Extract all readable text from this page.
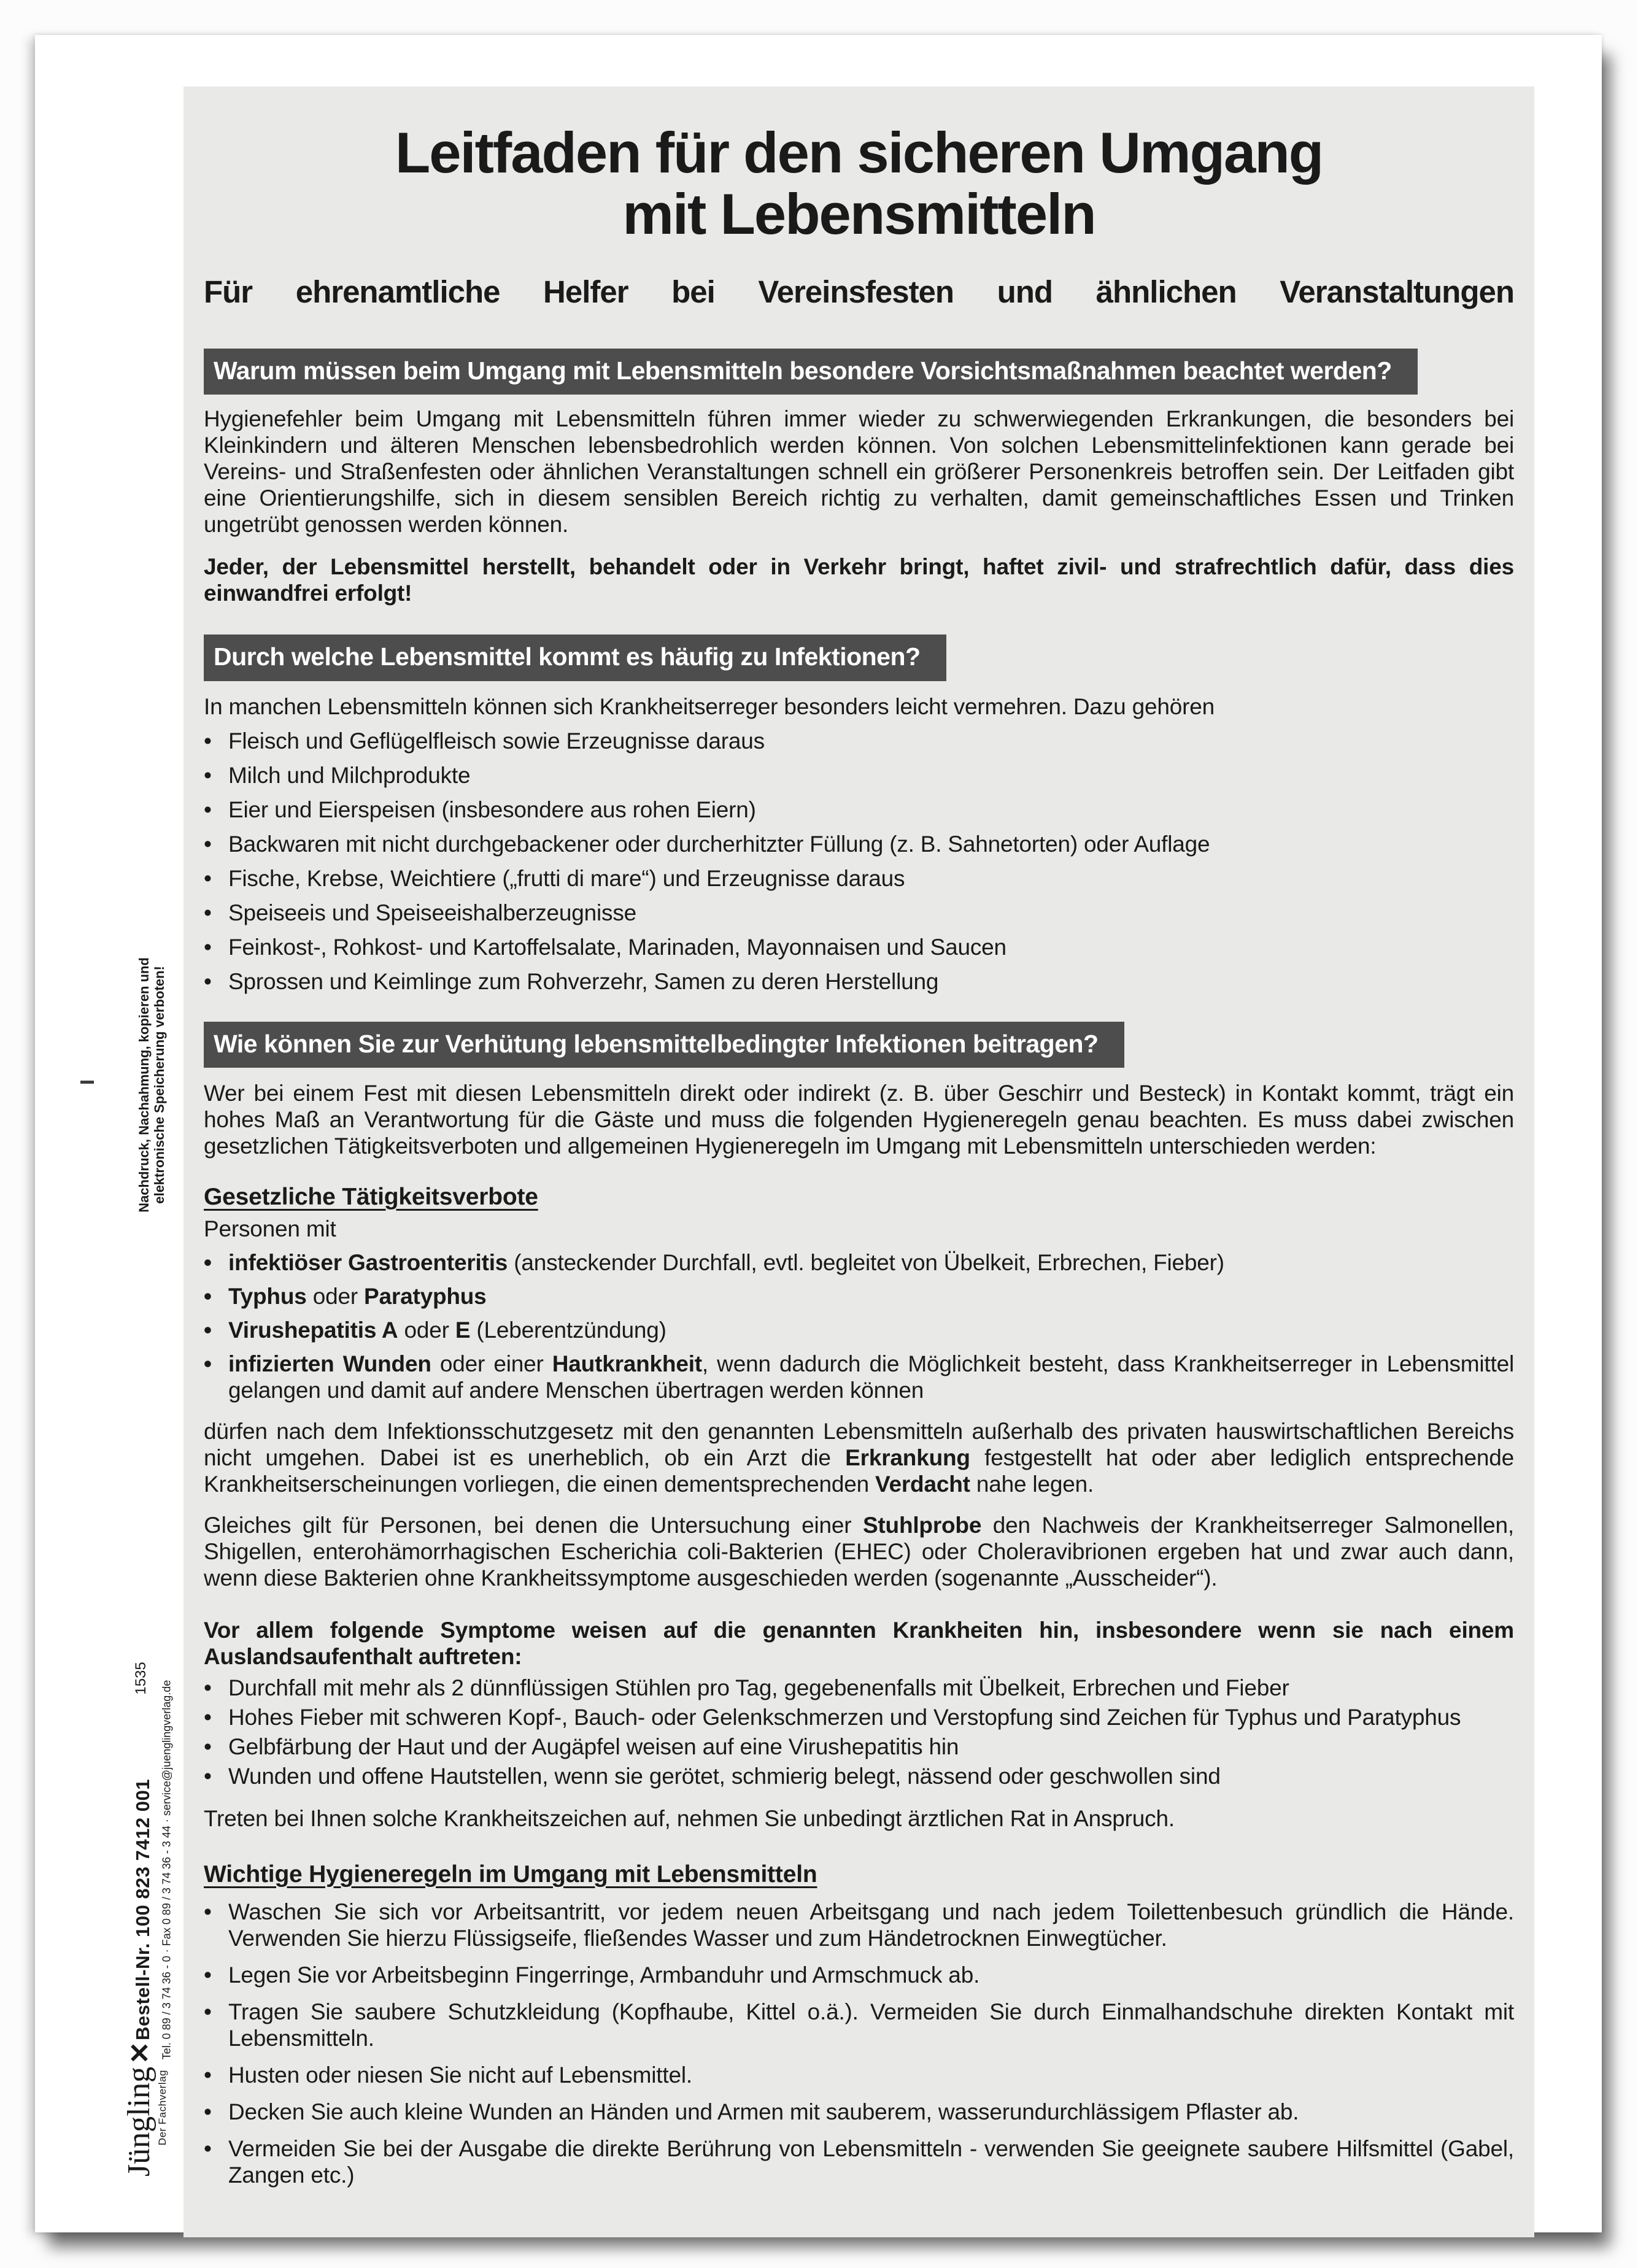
Nachdruck, Nachahmung, kopieren und elektronische Speicherung verboten!
1535
Bestell-Nr. 100 823 7412 001 Tel. 0 89 / 3 74 36 - 0 · Fax 0 89 / 3 74 36 - 3 44 · service@juenglingverlag.de
Jüngling✕
Der Fachverlag
Leitfaden für den sicheren Umgang
mit Lebensmitteln
Für ehrenamtliche Helfer bei Vereinsfesten und ähnlichen Veranstaltungen
Warum müssen beim Umgang mit Lebensmitteln besondere Vorsichtsmaßnahmen beachtet werden?

Hygienefehler beim Umgang mit Lebensmitteln führen immer wieder zu schwerwiegenden Erkrankungen, die besonders bei Kleinkindern und älteren Menschen lebensbedrohlich werden können. Von solchen Lebensmittelinfektionen kann gerade bei Vereins- und Straßenfesten oder ähnlichen Veranstaltungen schnell ein größerer Personenkreis betroffen sein. Der Leitfaden gibt eine Orientierungshilfe, sich in diesem sensiblen Bereich richtig zu verhalten, damit gemeinschaftliches Essen und Trinken ungetrübt genossen werden können.

Jeder, der Lebensmittel herstellt, behandelt oder in Verkehr bringt, haftet zivil- und strafrechtlich dafür, dass dies einwandfrei erfolgt!

Durch welche Lebensmittel kommt es häufig zu Infektionen?

In manchen Lebensmitteln können sich Krankheitserreger besonders leicht vermehren. Dazu gehören

• Fleisch und Geflügelfleisch sowie Erzeugnisse daraus
• Milch und Milchprodukte
• Eier und Eierspeisen (insbesondere aus rohen Eiern)
• Backwaren mit nicht durchgebackener oder durcherhitzter Füllung (z. B. Sahnetorten) oder Auflage
• Fische, Krebse, Weichtiere („frutti di mare“) und Erzeugnisse daraus
• Speiseeis und Speiseeishalberzeugnisse
• Feinkost-, Rohkost- und Kartoffelsalate, Marinaden, Mayonnaisen und Saucen
• Sprossen und Keimlinge zum Rohverzehr, Samen zu deren Herstellung
Wie können Sie zur Verhütung lebensmittelbedingter Infektionen beitragen?

Wer bei einem Fest mit diesen Lebensmitteln direkt oder indirekt (z. B. über Geschirr und Besteck) in Kontakt kommt, trägt ein hohes Maß an Verantwortung für die Gäste und muss die folgenden Hygieneregeln genau beachten. Es muss dabei zwischen gesetzlichen Tätigkeitsverboten und allgemeinen Hygieneregeln im Umgang mit Lebensmitteln unterschieden werden:

Gesetzliche Tätigkeitsverbote

Personen mit

• infektiöser Gastroenteritis (ansteckender Durchfall, evtl. begleitet von Übelkeit, Erbrechen, Fieber)
• Typhus oder Paratyphus
• Virushepatitis A oder E (Leberentzündung)
• infizierten Wunden oder einer Hautkrankheit, wenn dadurch die Möglichkeit besteht, dass Krankheitserreger in Lebensmittel gelangen und damit auf andere Menschen übertragen werden können

dürfen nach dem Infektionsschutzgesetz mit den genannten Lebensmitteln außerhalb des privaten hauswirtschaftlichen Bereichs nicht umgehen. Dabei ist es unerheblich, ob ein Arzt die Erkrankung festgestellt hat oder aber lediglich entsprechende Krankheitserscheinungen vorliegen, die einen dementsprechenden Verdacht nahe legen.

Gleiches gilt für Personen, bei denen die Untersuchung einer Stuhlprobe den Nachweis der Krankheitserreger Salmonellen, Shigellen, enterohämorrhagischen Escherichia coli-Bakterien (EHEC) oder Choleravibrionen ergeben hat und zwar auch dann, wenn diese Bakterien ohne Krankheitssymptome ausgeschieden werden (sogenannte „Ausscheider“).

Vor allem folgende Symptome weisen auf die genannten Krankheiten hin, insbesondere wenn sie nach einem Auslandsaufenthalt auftreten:

• Durchfall mit mehr als 2 dünnflüssigen Stühlen pro Tag, gegebenenfalls mit Übelkeit, Erbrechen und Fieber
• Hohes Fieber mit schweren Kopf-, Bauch- oder Gelenkschmerzen und Verstopfung sind Zeichen für Typhus und Paratyphus
• Gelbfärbung der Haut und der Augäpfel weisen auf eine Virushepatitis hin
• Wunden und offene Hautstellen, wenn sie gerötet, schmierig belegt, nässend oder geschwollen sind

Treten bei Ihnen solche Krankheitszeichen auf, nehmen Sie unbedingt ärztlichen Rat in Anspruch.

Wichtige Hygieneregeln im Umgang mit Lebensmitteln
• Waschen Sie sich vor Arbeitsantritt, vor jedem neuen Arbeitsgang und nach jedem Toilettenbesuch gründlich die Hände. Verwenden Sie hierzu Flüssigseife, fließendes Wasser und zum Händetrocknen Einwegtücher.
• Legen Sie vor Arbeitsbeginn Fingerringe, Armbanduhr und Armschmuck ab.
• Tragen Sie saubere Schutzkleidung (Kopfhaube, Kittel o.ä.). Vermeiden Sie durch Einmalhandschuhe direkten Kontakt mit Lebensmitteln.
• Husten oder niesen Sie nicht auf Lebensmittel.
• Decken Sie auch kleine Wunden an Händen und Armen mit sauberem, wasserundurchlässigem Pflaster ab.
• Vermeiden Sie bei der Ausgabe die direkte Berührung von Lebensmitteln - verwenden Sie geeignete saubere Hilfsmittel (Gabel, Zangen etc.)
